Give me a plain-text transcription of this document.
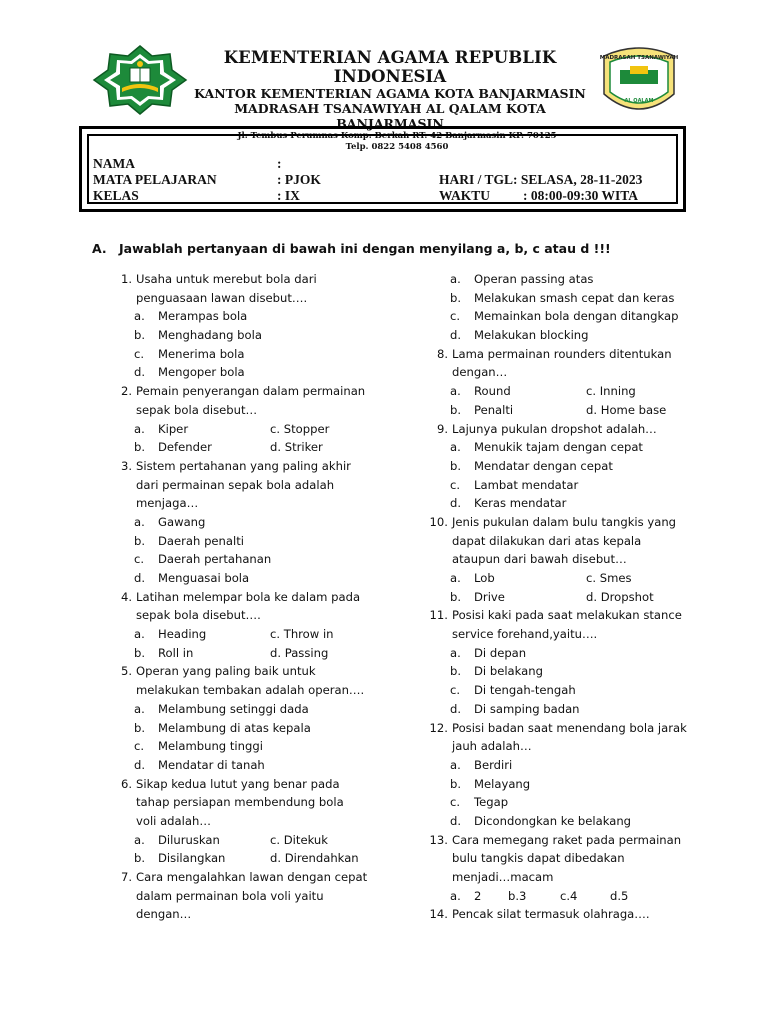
KEMENTERIAN AGAMA REPUBLIK INDONESIA
KANTOR KEMENTERIAN AGAMA KOTA BANJARMASIN
MADRASAH TSANAWIYAH AL QALAM KOTA BANJARMASIN
Jl. Tembus Perumnas Komp. Berkah RT. 42 Banjarmasin KP. 70125
Telp. 0822 5408 4560
MADRASAH TSANAWIYAH
AL QALAM
NAMA	:
MATA PELAJARAN	: PJOK	HARI / TGL: SELASA, 28-11-2023
KELAS	: IX	WAKTU : 08:00-09:30 WITA
A. Jawablah pertanyaan di bawah ini dengan menyilang a, b, c atau d !!!
1. Usaha untuk merebut bola dari
penguasaan lawan disebut….
a. Merampas bola
b. Menghadang bola
c. Menerima bola
d. Mengoper bola
2. Pemain penyerangan dalam permainan
sepak bola disebut…
a. Kiper	c. Stopper
b. Defender	d. Striker
3. Sistem pertahanan yang paling akhir
dari permainan sepak bola adalah
menjaga…
a. Gawang
b. Daerah penalti
c. Daerah pertahanan
d. Menguasai bola
4. Latihan melempar bola ke dalam pada
sepak bola disebut….
a. Heading	c. Throw in
b. Roll in	d. Passing
5. Operan yang paling baik untuk
melakukan tembakan adalah operan….
a. Melambung setinggi dada
b. Melambung di atas kepala
c. Melambung tinggi
d. Mendatar di tanah
6. Sikap kedua lutut yang benar pada
tahap persiapan membendung bola
voli adalah…
a. Diluruskan	c. Ditekuk
b. Disilangkan	d. Direndahkan
7. Cara mengalahkan lawan dengan cepat
dalam permainan bola voli yaitu
dengan…
a. Operan passing atas
b. Melakukan smash cepat dan keras
c. Memainkan bola dengan ditangkap
d. Melakukan blocking
8. Lama permainan rounders ditentukan
dengan…
a. Round	c. Inning
b. Penalti	d. Home base
9. Lajunya pukulan dropshot adalah…
a. Menukik tajam dengan cepat
b. Mendatar dengan cepat
c. Lambat mendatar
d. Keras mendatar
10. Jenis pukulan dalam bulu tangkis yang
dapat dilakukan dari atas kepala
ataupun dari bawah disebut…
a. Lob	c. Smes
b. Drive	d. Dropshot
11. Posisi kaki pada saat melakukan stance
service forehand,yaitu….
a. Di depan
b. Di belakang
c. Di tengah-tengah
d. Di samping badan
12. Posisi badan saat menendang bola jarak
jauh adalah…
a. Berdiri
b. Melayang
c. Tegap
d. Dicondongkan ke belakang
13. Cara memegang raket pada permainan
bulu tangkis dapat dibedakan
menjadi…macam
a. 2 b.3	c.4	d.5
14. Pencak silat termasuk olahraga….
